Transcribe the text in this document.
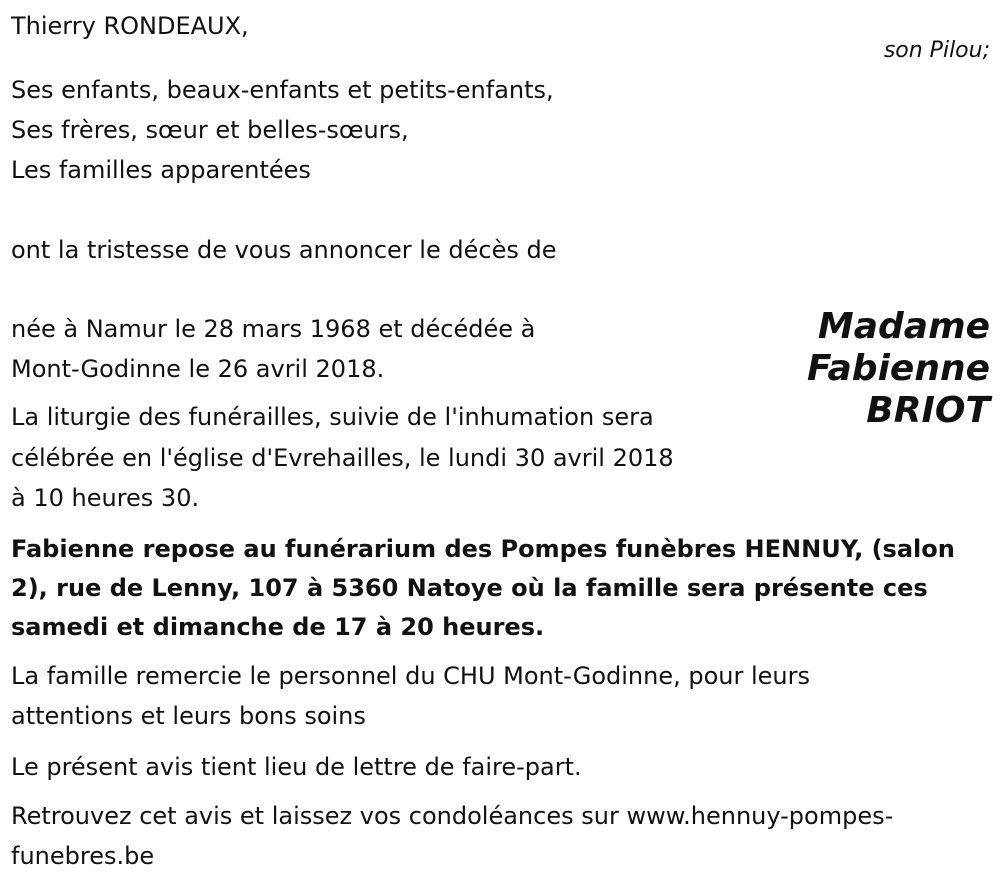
Thierry RONDEAUX,
son Pilou;
Ses enfants, beaux-enfants et petits-enfants,
Ses frères, sœur et belles-sœurs,
Les familles apparentées
ont la tristesse de vous annoncer le décès de
Madame
Fabienne
BRIOT
née à Namur le 28 mars 1968 et décédée à
Mont-Godinne le 26 avril 2018.
La liturgie des funérailles, suivie de l'inhumation sera
célébrée en l'église d'Evrehailles, le lundi 30 avril 2018
à 10 heures 30.
Fabienne repose au funérarium des Pompes funèbres HENNUY, (salon
2), rue de Lenny, 107 à 5360 Natoye où la famille sera présente ces
samedi et dimanche de 17 à 20 heures.
La famille remercie le personnel du CHU Mont-Godinne, pour leurs
attentions et leurs bons soins
Le présent avis tient lieu de lettre de faire-part.
Retrouvez cet avis et laissez vos condoléances sur www.hennuy-pompes-
funebres.be
